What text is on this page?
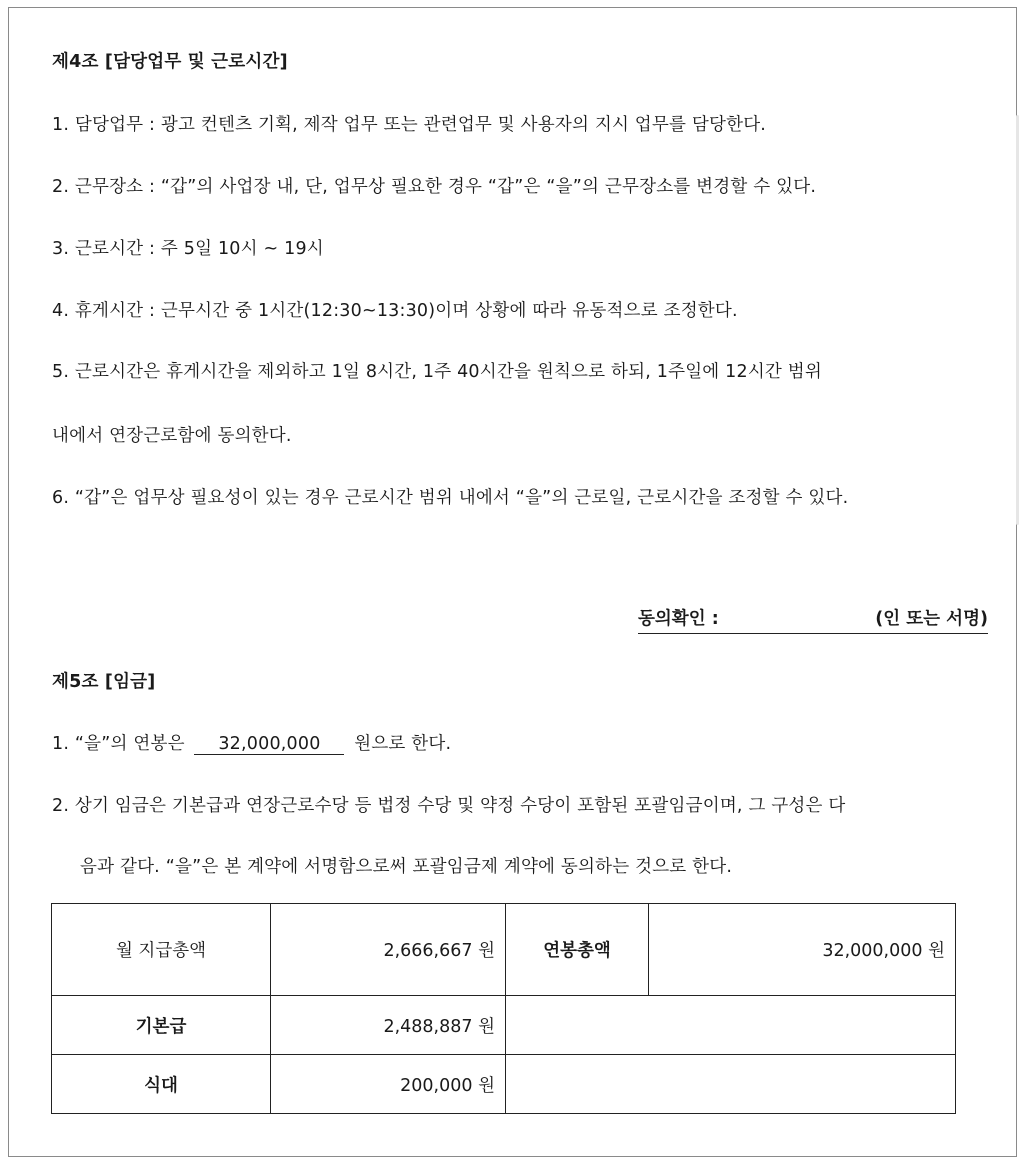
제4조 [담당업무 및 근로시간]
1. 담당업무 : 광고 컨텐츠 기획, 제작 업무 또는 관련업무 및 사용자의 지시 업무를 담당한다.
2. 근무장소 : “갑”의 사업장 내, 단, 업무상 필요한 경우 “갑”은 “을”의 근무장소를 변경할 수 있다.
3. 근로시간 : 주 5일 10시 ~ 19시
4. 휴게시간 : 근무시간 중 1시간(12:30~13:30)이며 상황에 따라 유동적으로 조정한다.
5. 근로시간은 휴게시간을 제외하고 1일 8시간, 1주 40시간을 원칙으로 하되, 1주일에 12시간 범위
내에서 연장근로함에 동의한다.
6. “갑”은 업무상 필요성이 있는 경우 근로시간 범위 내에서 “을”의 근로일, 근로시간을 조정할 수 있다.
동의확인 :	(인 또는 서명)
제5조 [임금]
1. “을”의 연봉은 32,000,000 원으로 한다.
2. 상기 임금은 기본급과 연장근로수당 등 법정 수당 및 약정 수당이 포함된 포괄임금이며, 그 구성은 다
음과 같다. “을”은 본 계약에 서명함으로써 포괄임금제 계약에 동의하는 것으로 한다.
월 지급총액	2,666,667 원	연봉총액	32,000,000 원
기본급	2,488,887 원		
식대	200,000 원		
